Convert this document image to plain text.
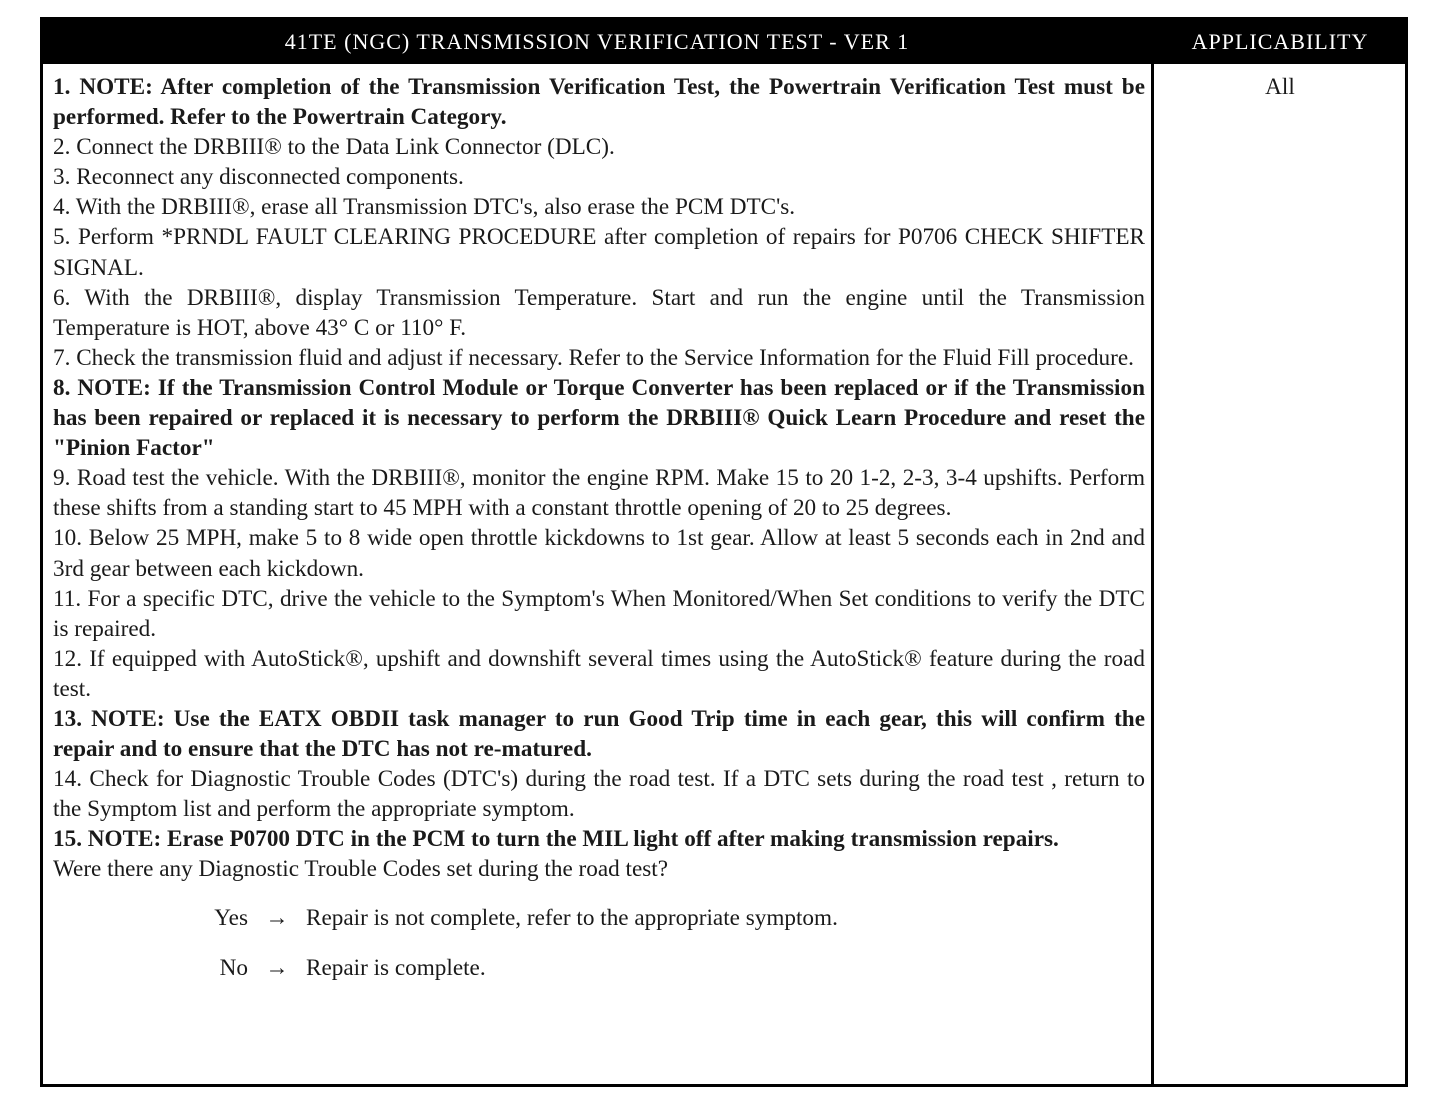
41TE (NGC) TRANSMISSION VERIFICATION TEST - VER 1	APPLICABILITY
1. NOTE: After completion of the Transmission Verification Test, the Powertrain Verification Test must be performed. Refer to the Powertrain Category.
2. Connect the DRBIII® to the Data Link Connector (DLC).
3. Reconnect any disconnected components.
4. With the DRBIII®, erase all Transmission DTC's, also erase the PCM DTC's.
5. Perform *PRNDL FAULT CLEARING PROCEDURE after completion of repairs for P0706 CHECK SHIFTER SIGNAL.
6. With the DRBIII®, display Transmission Temperature. Start and run the engine until the Transmission Temperature is HOT, above 43° C or 110° F.
7. Check the transmission fluid and adjust if necessary. Refer to the Service Information for the Fluid Fill procedure.
8. NOTE: If the Transmission Control Module or Torque Converter has been replaced or if the Transmission has been repaired or replaced it is necessary to perform the DRBIII® Quick Learn Procedure and reset the "Pinion Factor"
9. Road test the vehicle. With the DRBIII®, monitor the engine RPM. Make 15 to 20 1-2, 2-3, 3-4 upshifts. Perform these shifts from a standing start to 45 MPH with a constant throttle opening of 20 to 25 degrees.
10. Below 25 MPH, make 5 to 8 wide open throttle kickdowns to 1st gear. Allow at least 5 seconds each in 2nd and 3rd gear between each kickdown.
11. For a specific DTC, drive the vehicle to the Symptom's When Monitored/When Set conditions to verify the DTC is repaired.
12. If equipped with AutoStick®, upshift and downshift several times using the AutoStick® feature during the road test.
13. NOTE: Use the EATX OBDII task manager to run Good Trip time in each gear, this will confirm the repair and to ensure that the DTC has not re-matured.
14. Check for Diagnostic Trouble Codes (DTC's) during the road test. If a DTC sets during the road test , return to the Symptom list and perform the appropriate symptom.
15. NOTE: Erase P0700 DTC in the PCM to turn the MIL light off after making transmission repairs.
Were there any Diagnostic Trouble Codes set during the road test?
Yes → Repair is not complete, refer to the appropriate symptom.
No → Repair is complete.
All
